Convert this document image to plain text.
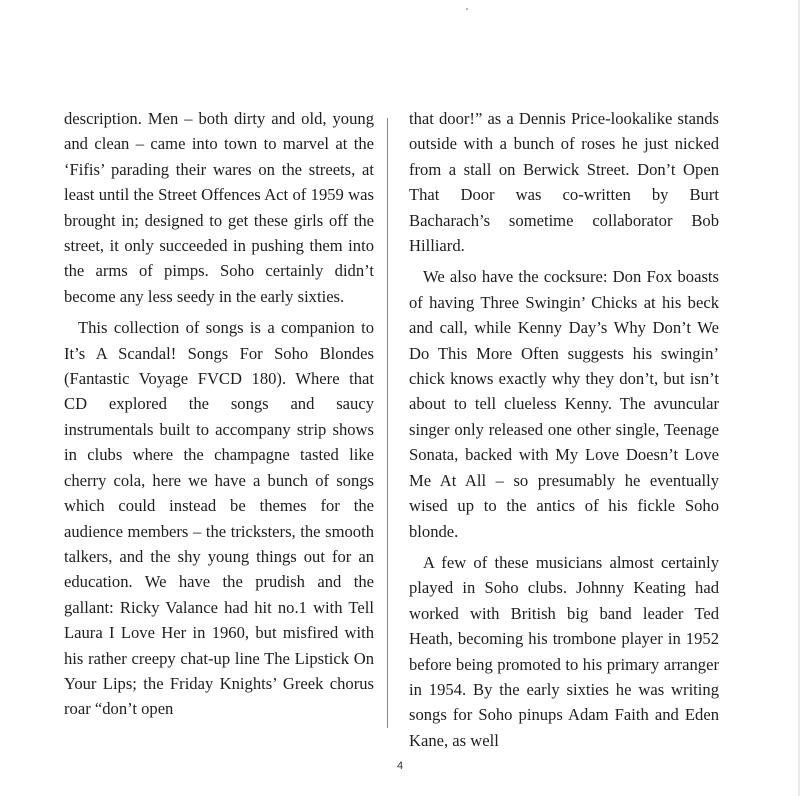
description. Men – both dirty and old, young and clean – came into town to marvel at the ‘Fifis’ parading their wares on the streets, at least until the Street Offences Act of 1959 was brought in; designed to get these girls off the street, it only succeeded in pushing them into the arms of pimps. Soho certainly didn’t become any less seedy in the early sixties.

This collection of songs is a companion to It’s A Scandal! Songs For Soho Blondes (Fantastic Voyage FVCD 180). Where that CD explored the songs and saucy instrumentals built to accompany strip shows in clubs where the champagne tasted like cherry cola, here we have a bunch of songs which could instead be themes for the audience members – the tricksters, the smooth talkers, and the shy young things out for an education. We have the prudish and the gallant: Ricky Valance had hit no.1 with Tell Laura I Love Her in 1960, but misfired with his rather creepy chat-up line The Lipstick On Your Lips; the Friday Knights’ Greek chorus roar “don’t open

that door!” as a Dennis Price-lookalike stands outside with a bunch of roses he just nicked from a stall on Berwick Street. Don’t Open That Door was co-written by Burt Bacharach’s sometime collaborator Bob Hilliard.

We also have the cocksure: Don Fox boasts of having Three Swingin’ Chicks at his beck and call, while Kenny Day’s Why Don’t We Do This More Often suggests his swingin’ chick knows exactly why they don’t, but isn’t about to tell clueless Kenny. The avuncular singer only released one other single, Teenage Sonata, backed with My Love Doesn’t Love Me At All – so presumably he eventually wised up to the antics of his fickle Soho blonde.

A few of these musicians almost certainly played in Soho clubs. Johnny Keating had worked with British big band leader Ted Heath, becoming his trombone player in 1952 before being promoted to his primary arranger in 1954. By the early sixties he was writing songs for Soho pinups Adam Faith and Eden Kane, as well

4
